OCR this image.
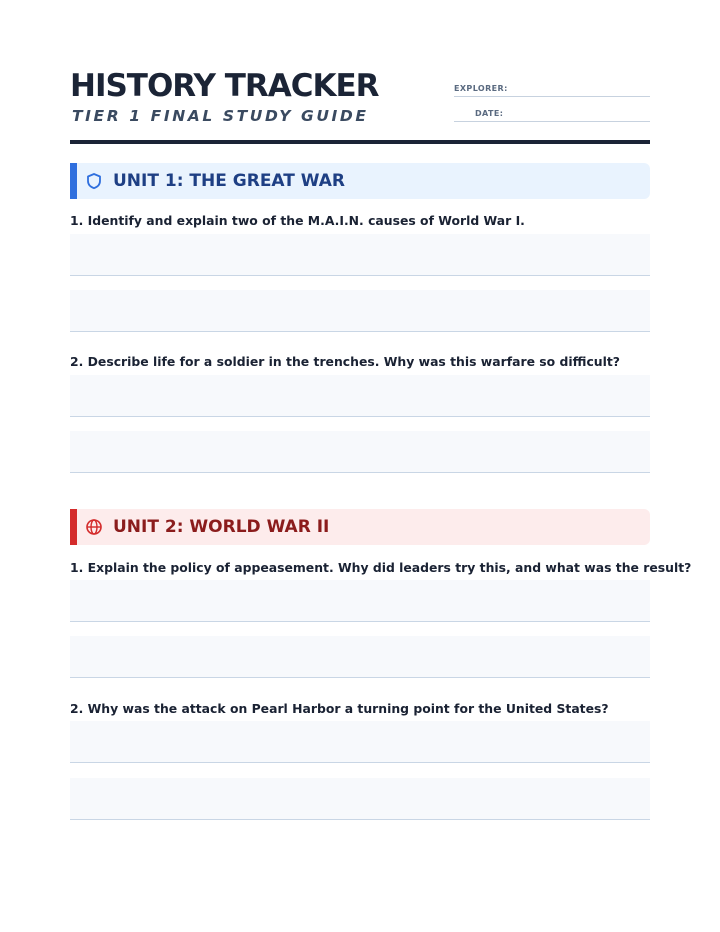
HISTORY TRACKER
TIER 1 FINAL STUDY GUIDE
EXPLORER:
DATE:
UNIT 1: THE GREAT WAR
1. Identify and explain two of the M.A.I.N. causes of World War I.
2. Describe life for a soldier in the trenches. Why was this warfare so difficult?
UNIT 2: WORLD WAR II
1. Explain the policy of appeasement. Why did leaders try this, and what was the result?
2. Why was the attack on Pearl Harbor a turning point for the United States?
